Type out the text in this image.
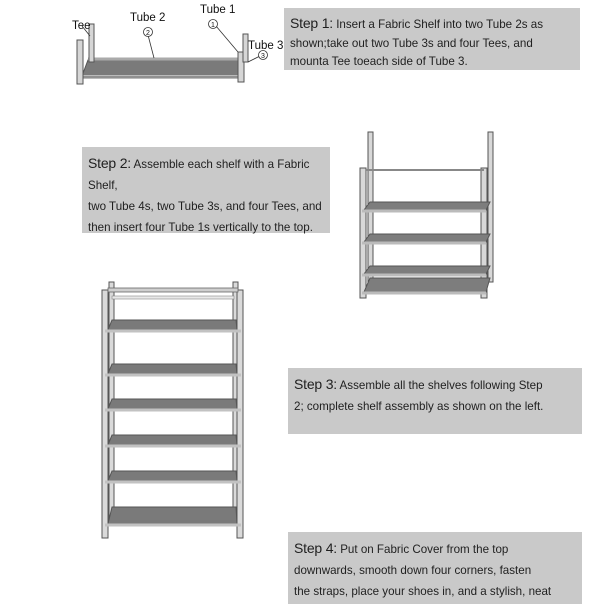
2
1
3
Tee
Tube 2
Tube 1
Tube 3
Step 1: Insert a Fabric Shelf into two Tube 2s as
shown;take out two Tube 3s and four Tees, and
mounta Tee toeach side of Tube 3.
Step 2: Assemble each shelf with a Fabric Shelf,
two Tube 4s, two Tube 3s, and four Tees, and
then insert four Tube 1s vertically to the top.
Step 3: Assemble all the shelves following Step
2; complete shelf assembly as shown on the left.
Step 4: Put on Fabric Cover from the top
downwards, smooth down four corners, fasten
the straps, place your shoes in, and a stylish, neat
